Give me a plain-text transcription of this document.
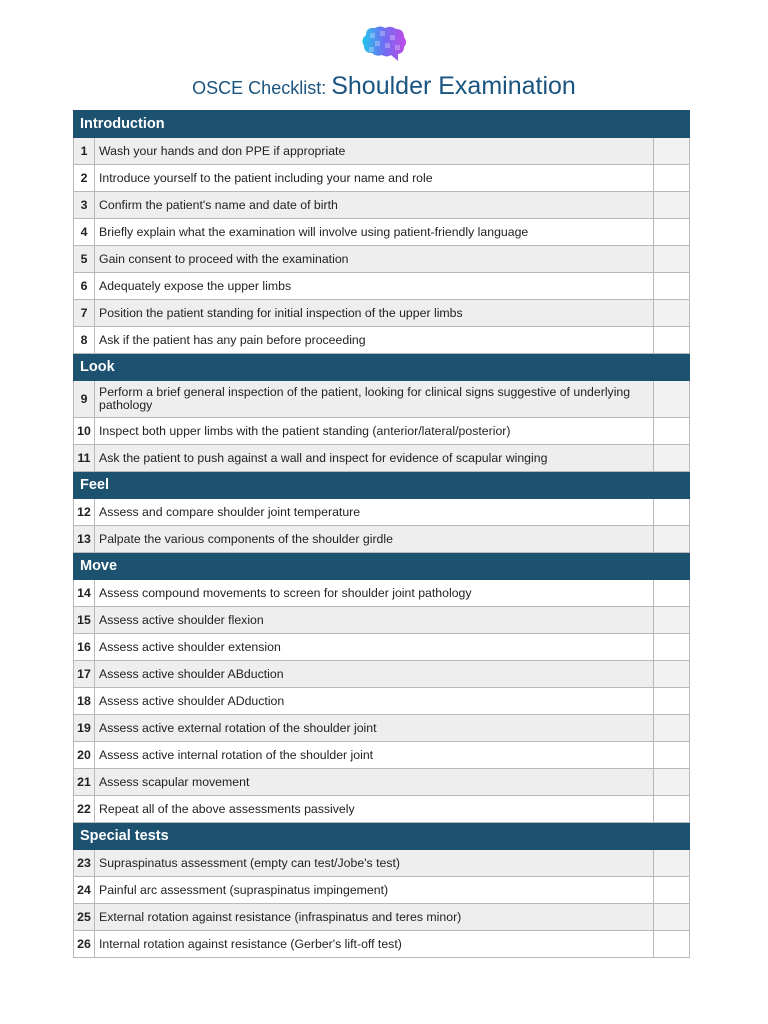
OSCE Checklist: Shoulder Examination
Introduction		
1	Wash your hands and don PPE if appropriate	
2	Introduce yourself to the patient including your name and role	
3	Confirm the patient's name and date of birth	
4	Briefly explain what the examination will involve using patient-friendly language	
5	Gain consent to proceed with the examination	
6	Adequately expose the upper limbs	
7	Position the patient standing for initial inspection of the upper limbs	
8	Ask if the patient has any pain before proceeding	
Look		
9	Perform a brief general inspection of the patient, looking for clinical signs suggestive of underlying pathology	
10	Inspect both upper limbs with the patient standing (anterior/lateral/posterior)	
11	Ask the patient to push against a wall and inspect for evidence of scapular winging	
Feel		
12	Assess and compare shoulder joint temperature	
13	Palpate the various components of the shoulder girdle	
Move		
14	Assess compound movements to screen for shoulder joint pathology	
15	Assess active shoulder flexion	
16	Assess active shoulder extension	
17	Assess active shoulder ABduction	
18	Assess active shoulder ADduction	
19	Assess active external rotation of the shoulder joint	
20	Assess active internal rotation of the shoulder joint	
21	Assess scapular movement	
22	Repeat all of the above assessments passively	
Special tests		
23	Supraspinatus assessment (empty can test/Jobe's test)	
24	Painful arc assessment (supraspinatus impingement)	
25	External rotation against resistance (infraspinatus and teres minor)	
26	Internal rotation against resistance (Gerber's lift-off test)	
